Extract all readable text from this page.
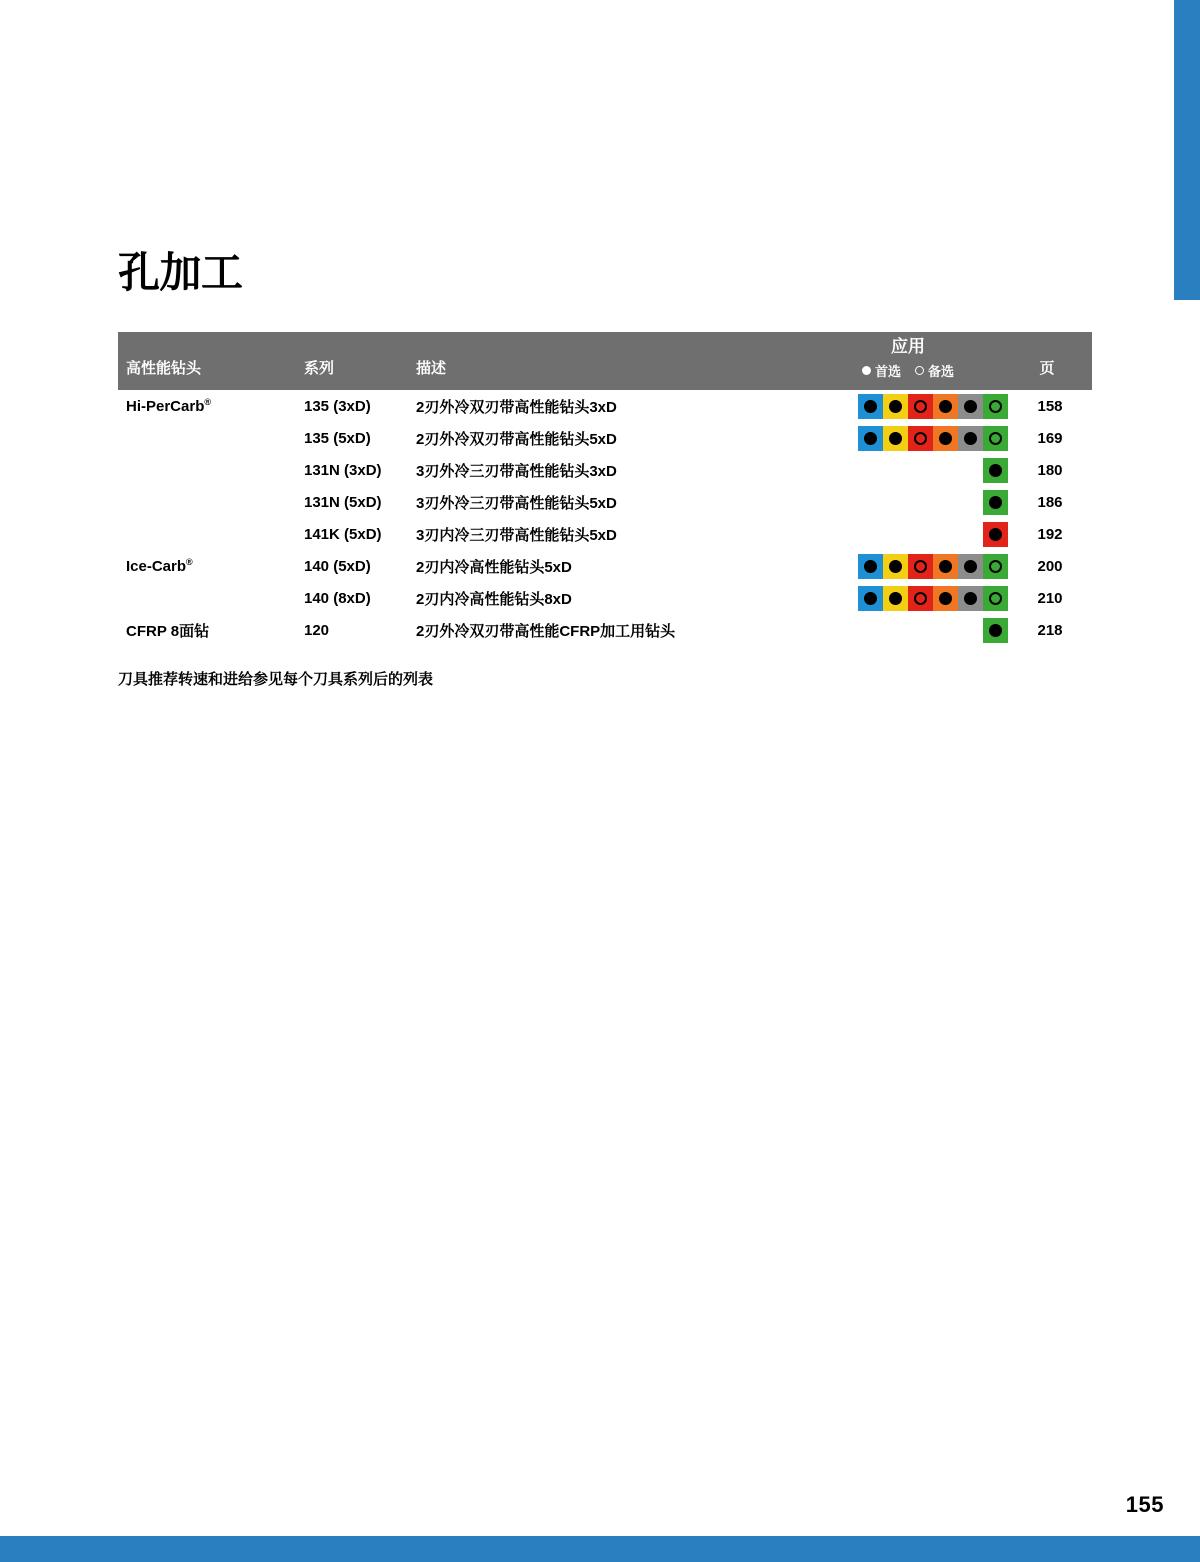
155
孔加工
高性能钻头	系列	描述	应用
首选 备选	页

Hi-PerCarb®	135 (3xD)	2刃外冷双刃带高性能钻头3xD		158
	135 (5xD)	2刃外冷双刃带高性能钻头5xD		169
	131N (3xD)	3刃外冷三刃带高性能钻头3xD		180
	131N (5xD)	3刃外冷三刃带高性能钻头5xD		186
	141K (5xD)	3刃内冷三刃带高性能钻头5xD		192
Ice-Carb®	140 (5xD)	2刃内冷高性能钻头5xD		200
	140 (8xD)	2刃内冷高性能钻头8xD		210
CFRP 8面钻	120	2刃外冷双刃带高性能CFRP加工用钻头		218
刀具推荐转速和进给参见每个刀具系列后的列表
